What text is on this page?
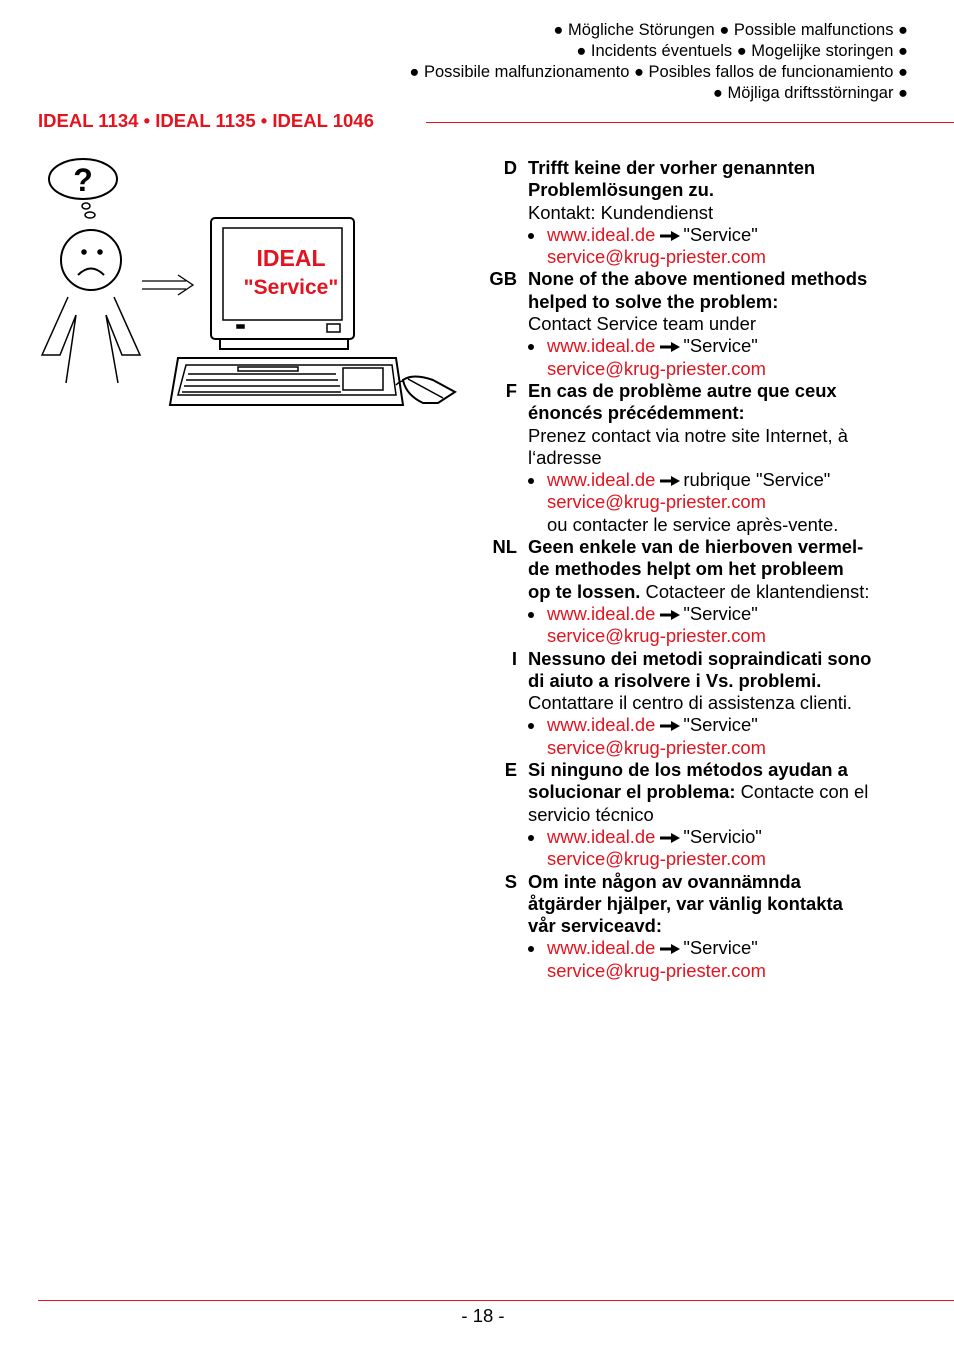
● Mögliche Störungen ● Possible malfunctions ●
● Incidents éventuels ● Mogelijke storingen ●
● Possibile malfunzionamento ● Posibles fallos de funcionamiento ●
● Möjliga driftsstörningar ●
IDEAL 1134 • IDEAL 1135 • IDEAL 1046
?
IDEAL
"Service"
D Trifft keine der vorher genannten
Problemlösungen zu.
Kontakt: Kundendienst
www.ideal.de "Service"
service@krug-priester.com
GB None of the above mentioned methods
helped to solve the problem:
Contact Service team under
www.ideal.de "Service"
service@krug-priester.com
F En cas de problème autre que ceux
énoncés précédemment:
Prenez contact via notre site Internet, à
l‘adresse
www.ideal.de rubrique "Service"
service@krug-priester.com
ou contacter le service après-vente.
NL Geen enkele van de hierboven vermel-
de methodes helpt om het probleem
op te lossen. Cotacteer de klantendienst:
www.ideal.de "Service"
service@krug-priester.com
I Nessuno dei metodi sopraindicati sono
di aiuto a risolvere i Vs. problemi.
Contattare il centro di assistenza clienti.
www.ideal.de "Service"
service@krug-priester.com
E Si ninguno de los métodos ayudan a
solucionar el problema: Contacte con el
servicio técnico
www.ideal.de "Servicio"
service@krug-priester.com
S Om inte någon av ovannämnda
åtgärder hjälper, var vänlig kontakta
vår serviceavd:
www.ideal.de "Service"
service@krug-priester.com
- 18 -
